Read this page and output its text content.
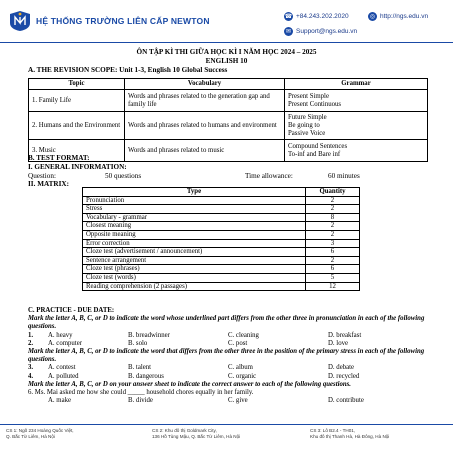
HỆ THỐNG TRƯỜNG LIÊN CẤP NEWTON	☎ +84.243.202.2020	◎ http://ngs.edu.vn
✉ Support@ngs.edu.vn
ÔN TẬP KÌ THI GIỮA HỌC KÌ I NĂM HỌC 2024 – 2025
ENGLISH 10
A. THE REVISION SCOPE: Unit 1-3, English 10 Global Success
Topic	Vocabulary	Grammar
1. Family Life	Words and phrases related to the generation gap and family life	Present Simple
Present Continuous

2. Humans and the Environment	Words and phrases related to humans and environment	Future Simple
Be going to
Passive Voice

3. Music	Words and phrases related to music	Compound Sentences
To-inf and Bare inf
B. TEST FORMAT:
I. GENERAL INFORMATION:
Question:	50 questions	Time allowance:	60 minutes
II. MATRIX:
Type	Quantity
Pronunciation	2
Stress	2
Vocabulary - grammar	8
Closest meaning	2
Opposite meaning	2
Error correction	3
Cloze test (advertisement / announcement)	6
Sentence arrangement	2
Cloze test (phrases)	6
Cloze test (words)	5
Reading comprehension (2 passages)	12
C. PRACTICE - DUE DATE:
Mark the letter A, B, C, or D to indicate the word whose underlined part differs from the other three in pronunciation in each of the following questions.
1.	A. heavy	B. breadwinner	C. cleaning	D. breakfast
2.	A. computer	B. solo	C. post	D. love
Mark the letter A, B, C, or D to indicate the word that differs from the other three in the position of the primary stress in each of the following questions.
3.	A. contest	B. talent	C. album	D. debate
4.	A. polluted	B. dangerous	C. organic	D. recycled
Mark the letter A, B, C, or D on your answer sheet to indicate the correct answer to each of the following questions.
6. Ms. Mai asked me how she could _____ household chores equally in her family.
A. make	B. divide	C. give	D. contribute
CS 1: Ngõ 234 Hoàng Quốc Việt,
Q. Bắc Từ Liêm, Hà Nội
CS 2: Khu đô thị Goldmark City,
136 Hồ Tùng Mậu, Q. Bắc Từ Liêm, Hà Nội
CS 3: Lô B2.4 - TH01,
Khu đô thị Thanh Hà, Hà Đông, Hà Nội
